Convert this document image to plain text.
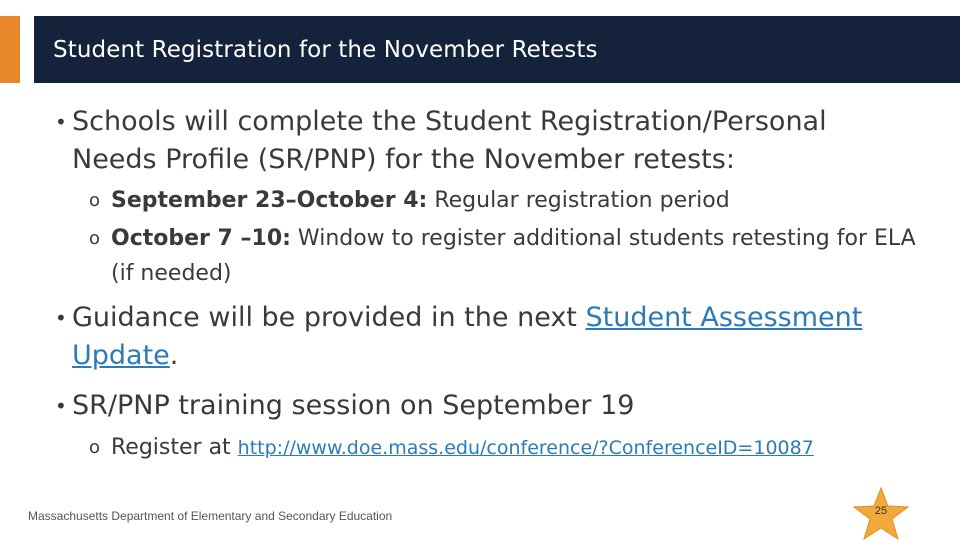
Student Registration for the November Retests
• Schools will complete the Student Registration/Personal Needs Profile (SR/PNP) for the November retests:
o September 23–October 4: Regular registration period
o October 7 –10: Window to register additional students retesting for ELA (if needed)
• Guidance will be provided in the next Student Assessment Update.
• SR/PNP training session on September 19
o Register at http://www.doe.mass.edu/conference/?ConferenceID=10087
Massachusetts Department of Elementary and Secondary Education	25
